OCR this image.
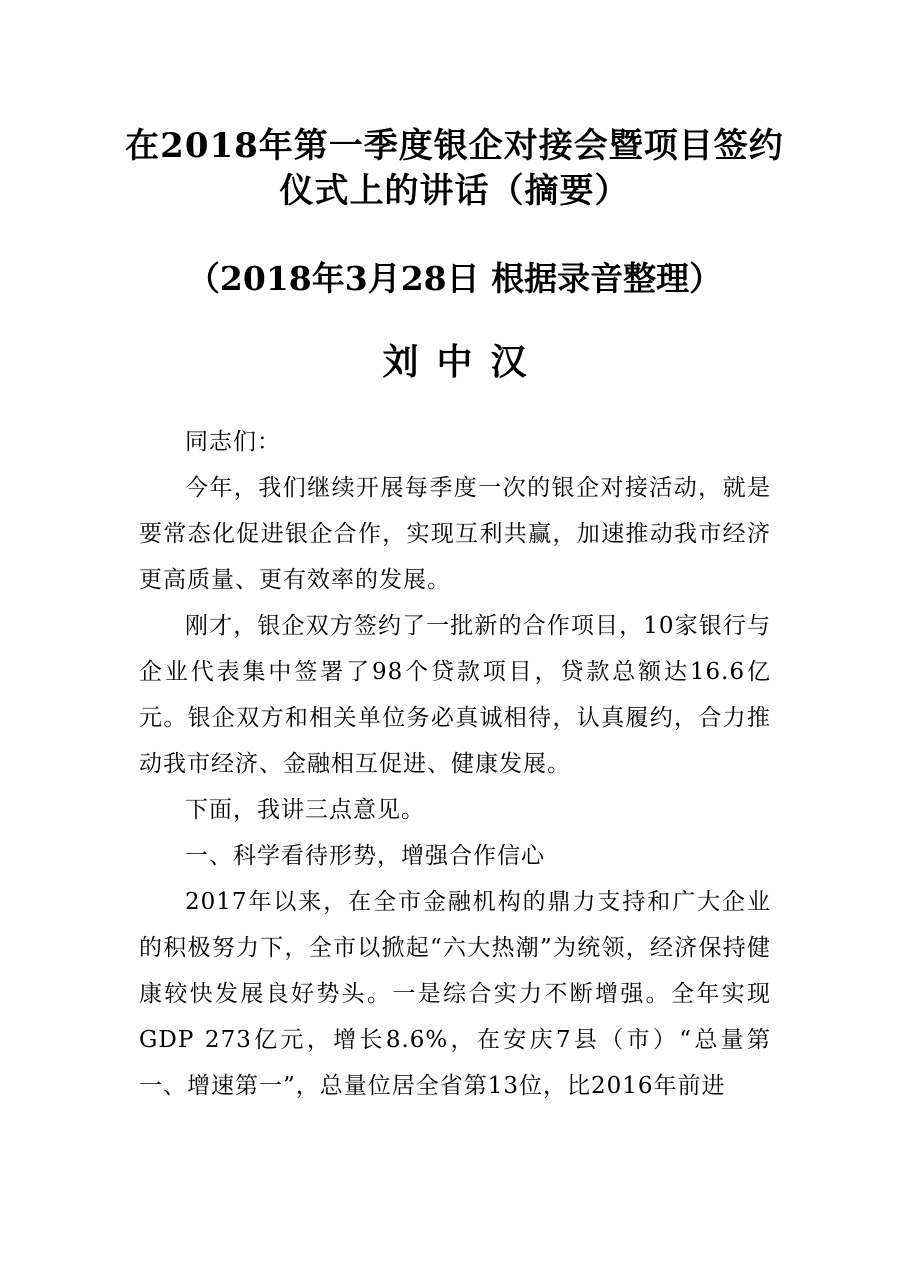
在2018年第一季度银企对接会暨项目签约
仪式上的讲话（摘要）
（2018年3月28日 根据录音整理）
刘中汉

同志们：

今年，我们继续开展每季度一次的银企对接活动，就是要常态化促进银企合作，实现互利共赢，加速推动我市经济更高质量、更有效率的发展。

刚才，银企双方签约了一批新的合作项目，10家银行与企业代表集中签署了98个贷款项目，贷款总额达16.6亿元。银企双方和相关单位务必真诚相待，认真履约，合力推动我市经济、金融相互促进、健康发展。

下面，我讲三点意见。

一、科学看待形势，增强合作信心

2017年以来，在全市金融机构的鼎力支持和广大企业的积极努力下，全市以掀起“六大热潮”为统领，经济保持健康较快发展良好势头。一是综合实力不断增强。全年实现GDP 273亿元，增长8.6%，在安庆7县（市）“总量第一、增速第一”，总量位居全省第13位，比2016年前进
